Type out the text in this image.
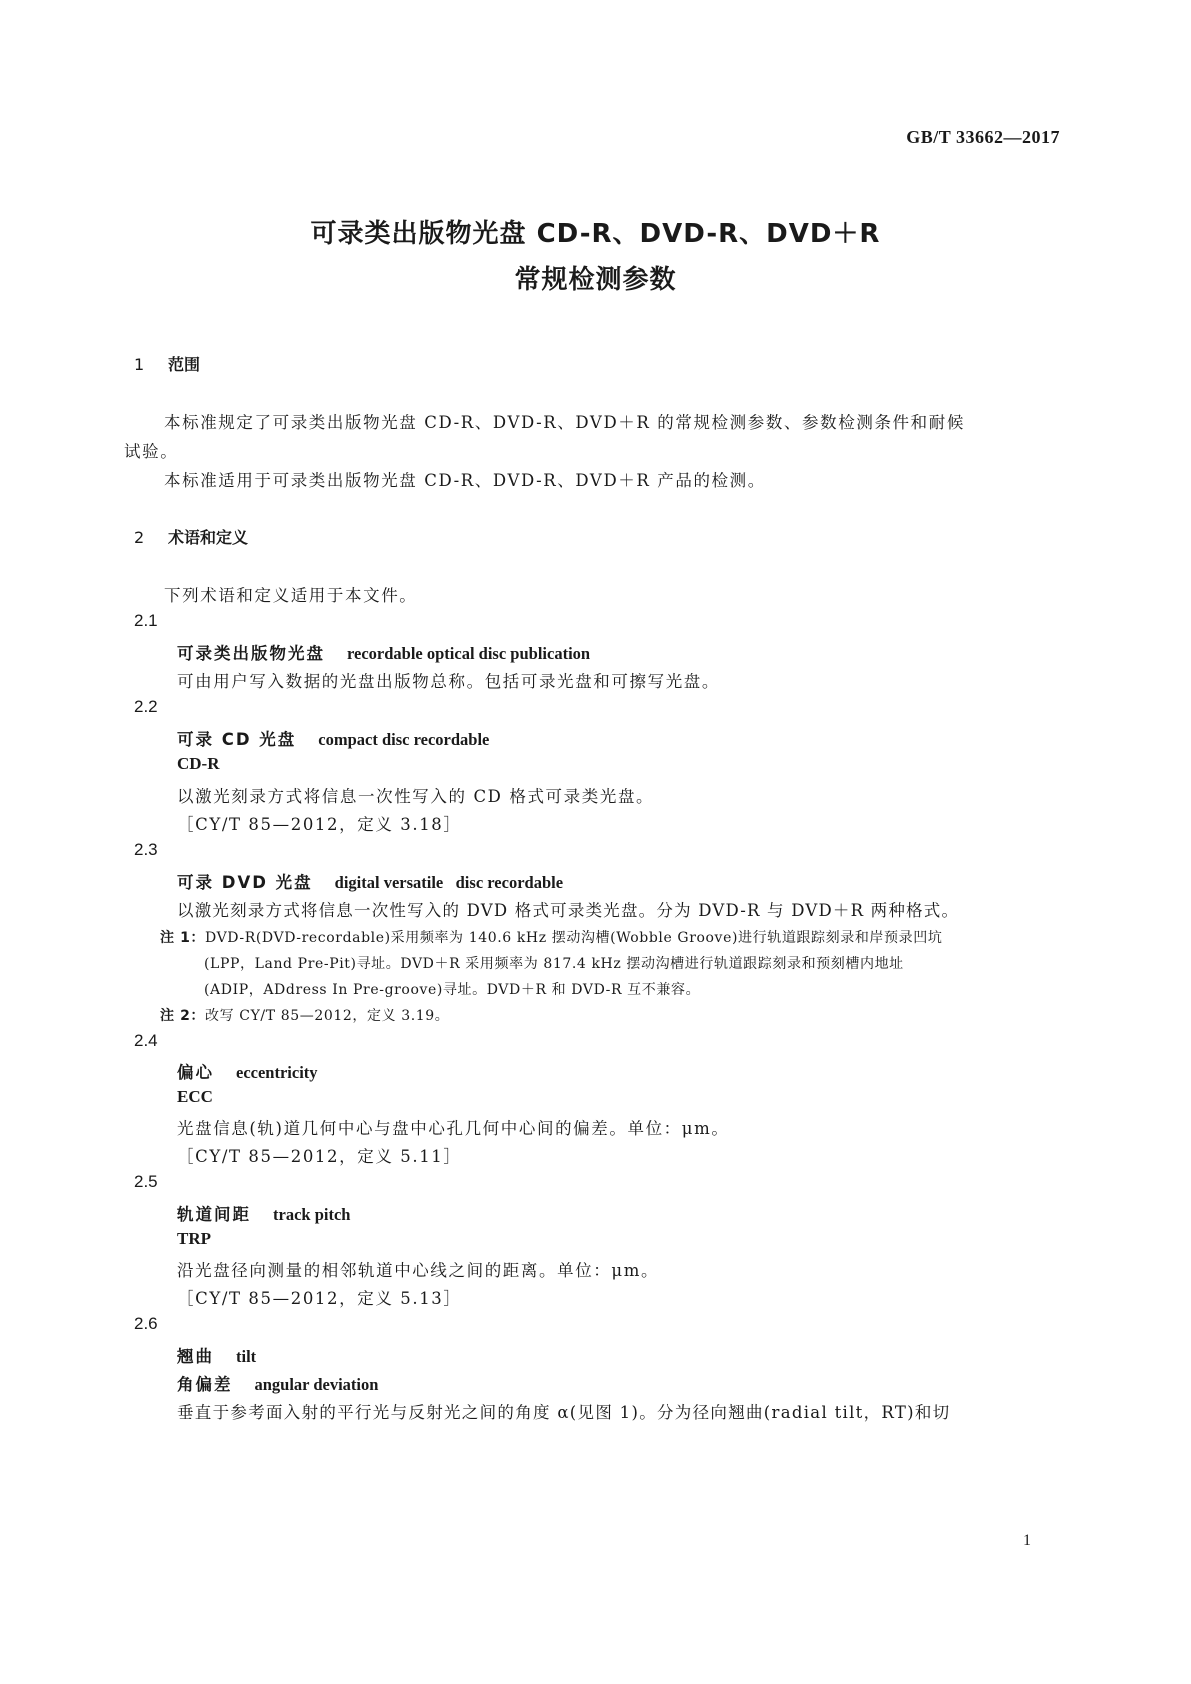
GB/T 33662—2017
可录类出版物光盘 CD-R、DVD-R、DVD＋R
常规检测参数
1 范围
本标准规定了可录类出版物光盘 CD-R、DVD-R、DVD＋R 的常规检测参数、参数检测条件和耐候
试验。
本标准适用于可录类出版物光盘 CD-R、DVD-R、DVD＋R 产品的检测。
2 术语和定义
下列术语和定义适用于本文件。
2.1
可录类出版物光盘 recordable optical disc publication
可由用户写入数据的光盘出版物总称。包括可录光盘和可擦写光盘。
2.2
可录 CD 光盘 compact disc recordable
CD-R
以激光刻录方式将信息一次性写入的 CD 格式可录类光盘。
［CY/T 85—2012，定义 3.18］
2.3
可录 DVD 光盘 digital versatile   disc recordable
以激光刻录方式将信息一次性写入的 DVD 格式可录类光盘。分为 DVD-R 与 DVD＋R 两种格式。
注 1：DVD-R(DVD-recordable)采用频率为 140.6 kHz 摆动沟槽(Wobble Groove)进行轨道跟踪刻录和岸预录凹坑
(LPP，Land Pre-Pit)寻址。DVD＋R 采用频率为 817.4 kHz 摆动沟槽进行轨道跟踪刻录和预刻槽内地址
(ADIP，ADdress In Pre-groove)寻址。DVD＋R 和 DVD-R 互不兼容。
注 2：改写 CY/T 85—2012，定义 3.19。
2.4
偏心 eccentricity
ECC
光盘信息(轨)道几何中心与盘中心孔几何中心间的偏差。单位：μm。
［CY/T 85—2012，定义 5.11］
2.5
轨道间距 track pitch
TRP
沿光盘径向测量的相邻轨道中心线之间的距离。单位：μm。
［CY/T 85—2012，定义 5.13］
2.6
翘曲 tilt
角偏差 angular deviation
垂直于参考面入射的平行光与反射光之间的角度 α(见图 1)。分为径向翘曲(radial tilt，RT)和切
1
